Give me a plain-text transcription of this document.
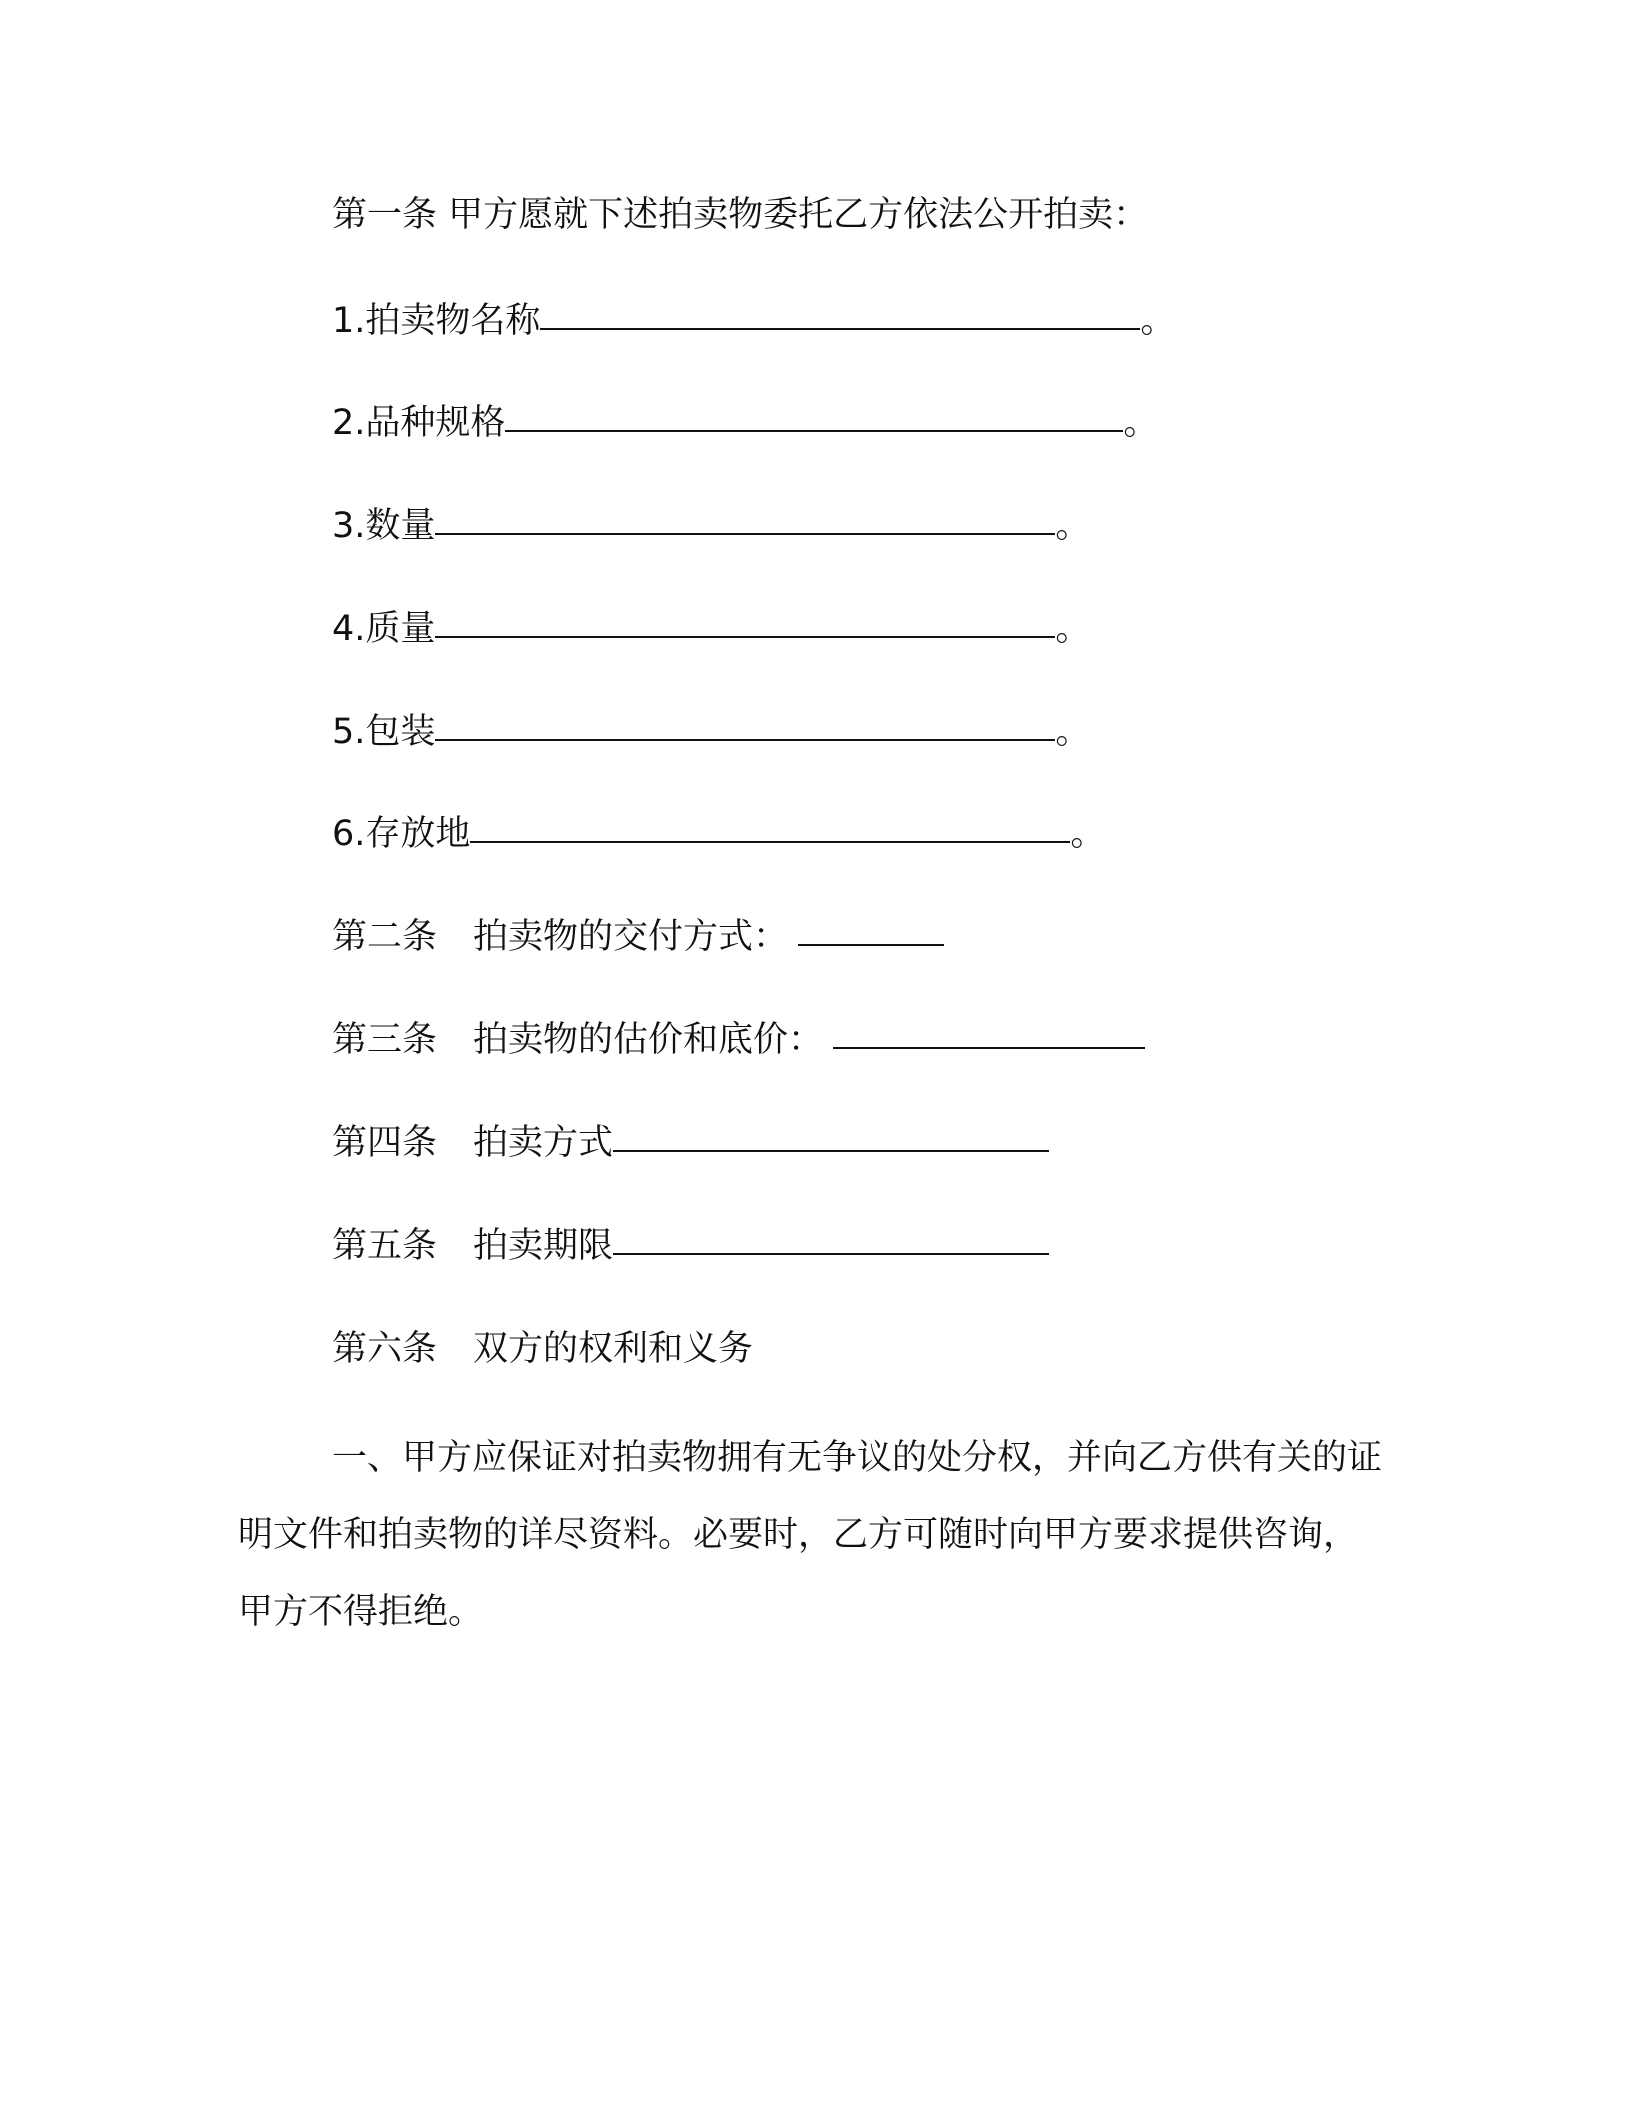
第一条 甲方愿就下述拍卖物委托乙方依法公开拍卖：
1.拍卖物名称	。
2.品种规格	。
3.数量	。
4.质量	。
5.包装	。
6.存放地	。
第二条 拍卖物的交付方式：
第三条 拍卖物的估价和底价：
第四条 拍卖方式
第五条 拍卖期限
第六条 双方的权利和义务
一、甲方应保证对拍卖物拥有无争议的处分权，并向乙方供有关的证明文件和拍卖物的详尽资料。必要时，乙方可随时向甲方要求提供咨询，甲方不得拒绝。
